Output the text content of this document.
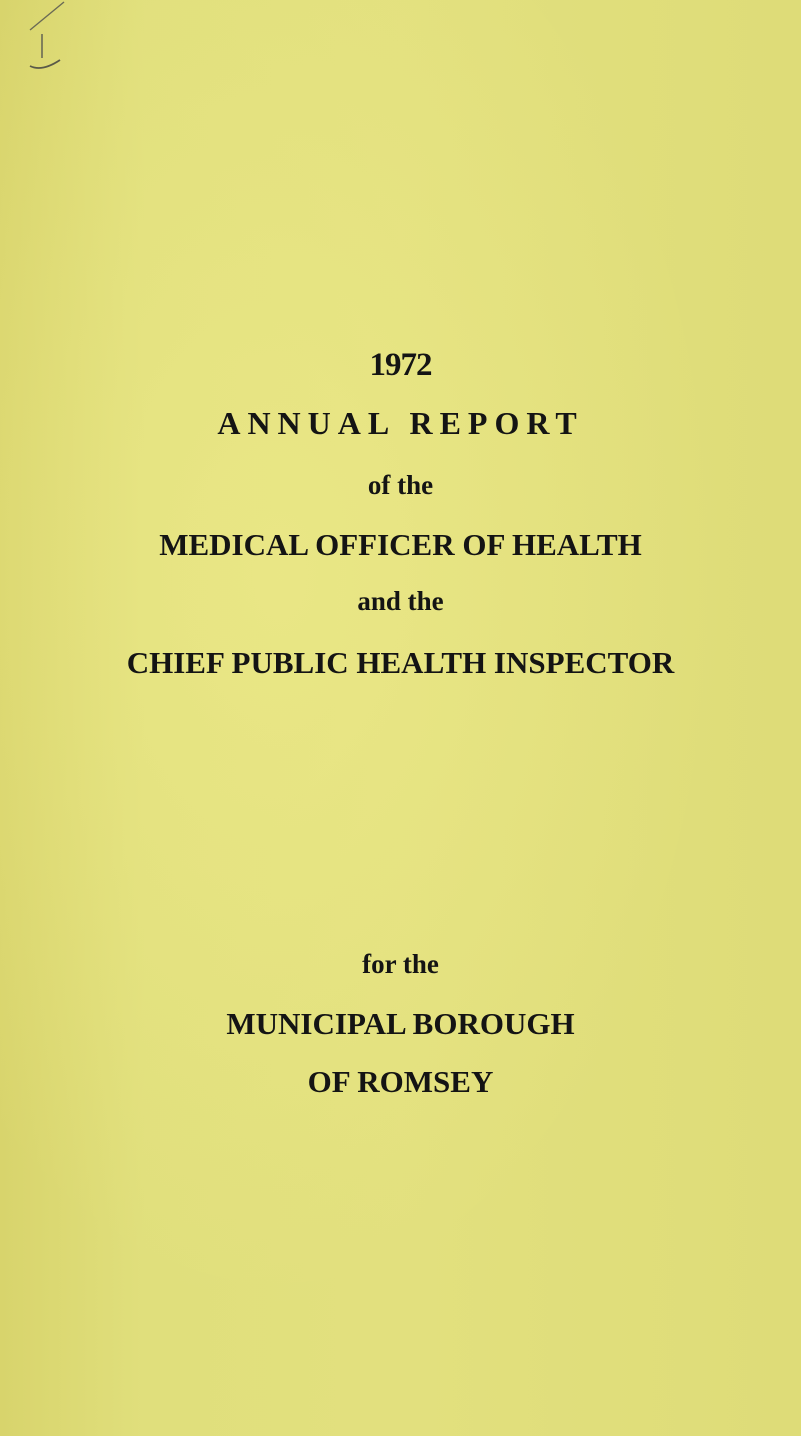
1972
ANNUAL REPORT
of the
MEDICAL OFFICER OF HEALTH
and the
CHIEF PUBLIC HEALTH INSPECTOR
for the
MUNICIPAL BOROUGH
OF ROMSEY
